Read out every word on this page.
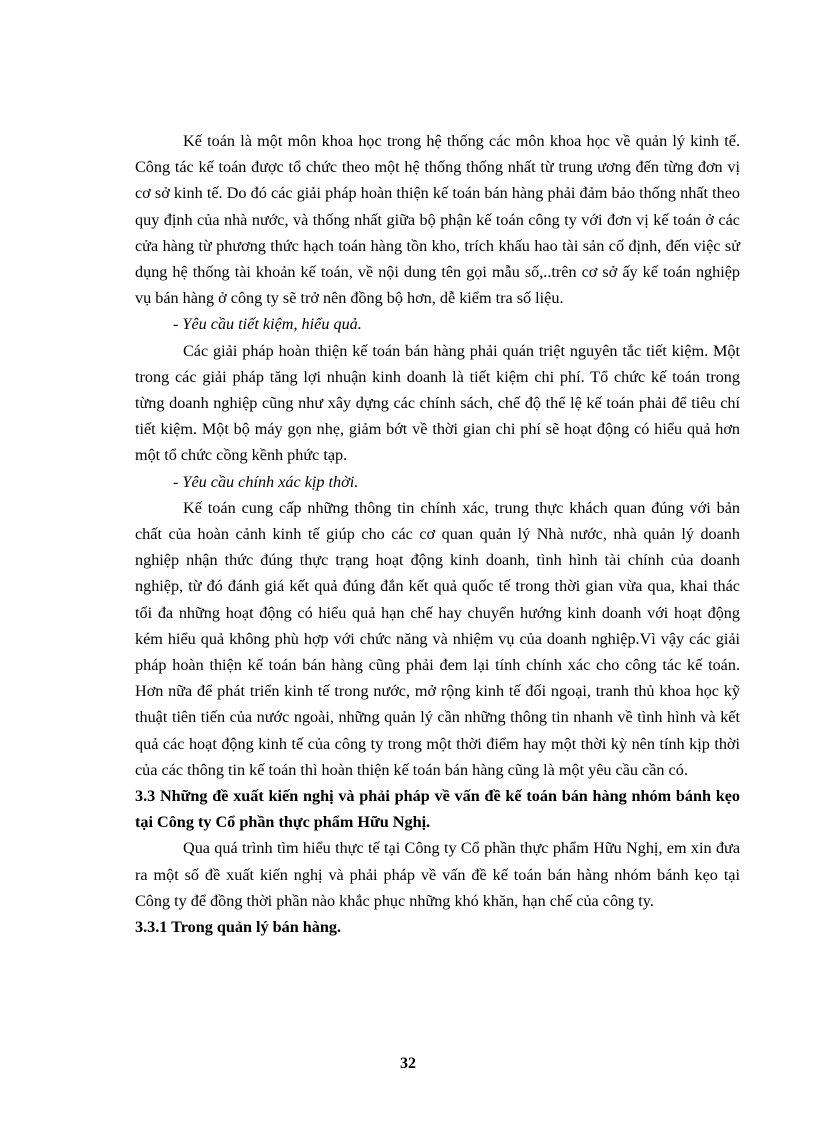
Kế toán là một môn khoa học trong hệ thống các môn khoa học về quản lý kinh tế. Công tác kế toán được tổ chức theo một hệ thống thống nhất từ trung ương đến từng đơn vị cơ sở kinh tế. Do đó các giải pháp hoàn thiện kế toán bán hàng phải đảm bảo thống nhất theo quy định của nhà nước, và thống nhất giữa bộ phận kế toán công ty với đơn vị kế toán ở các cửa hàng từ phương thức hạch toán hàng tồn kho, trích khấu hao tài sản cố định, đến việc sử dụng hệ thống tài khoản kế toán, về nội dung tên gọi mẫu số,..trên cơ sở ấy kế toán nghiệp vụ bán hàng ở công ty sẽ trở nên đồng bộ hơn, dễ kiểm tra số liệu.

- Yêu cầu tiết kiệm, hiểu quả.

Các giải pháp hoàn thiện kế toán bán hàng phải quán triệt nguyên tắc tiết kiệm. Một trong các giải pháp tăng lợi nhuận kinh doanh là tiết kiệm chi phí. Tổ chức kế toán trong từng doanh nghiệp cũng như xây dựng các chính sách, chế độ thể lệ kế toán phải để tiêu chí tiết kiệm. Một bộ máy gọn nhẹ, giảm bớt về thời gian chi phí sẽ hoạt động có hiểu quả hơn một tổ chức cồng kềnh phức tạp.

- Yêu cầu chính xác kịp thời.

Kế toán cung cấp những thông tin chính xác, trung thực khách quan đúng với bản chất của hoàn cảnh kinh tế giúp cho các cơ quan quản lý Nhà nước, nhà quản lý doanh nghiệp nhận thức đúng thực trạng hoạt động kinh doanh, tình hình tài chính của doanh nghiệp, từ đó đánh giá kết quả đúng đắn kết quả quốc tế trong thời gian vừa qua, khai thác tối đa những hoạt động có hiểu quả hạn chế hay chuyển hướng kinh doanh với hoạt động kém hiểu quả không phù hợp với chức năng và nhiệm vụ của doanh nghiệp.Vì vậy các giải pháp hoàn thiện kế toán bán hàng cũng phải đem lại tính chính xác cho công tác kế toán. Hơn nữa để phát triển kinh tế trong nước, mở rộng kinh tế đối ngoại, tranh thủ khoa học kỹ thuật tiên tiến của nước ngoài, những quản lý cần những thông tin nhanh về tình hình và kết quả các hoạt động kinh tế của công ty trong một thời điểm hay một thời kỳ nên tính kịp thời của các thông tin kế toán thì hoàn thiện kế toán bán hàng cũng là một yêu cầu cần có.

3.3 Những đề xuất kiến nghị và phải pháp về vấn đề kế toán bán hàng nhóm bánh kẹo tại Công ty Cổ phần thực phẩm Hữu Nghị.

Qua quá trình tìm hiểu thực tế tại Công ty Cổ phần thực phẩm Hữu Nghị, em xin đưa ra một số đề xuất kiến nghị và phải pháp về vấn đề kế toán bán hàng nhóm bánh kẹo tại Công ty để đồng thời phần nào khắc phục những khó khăn, hạn chế của công ty.

3.3.1 Trong quản lý bán hàng.

32
